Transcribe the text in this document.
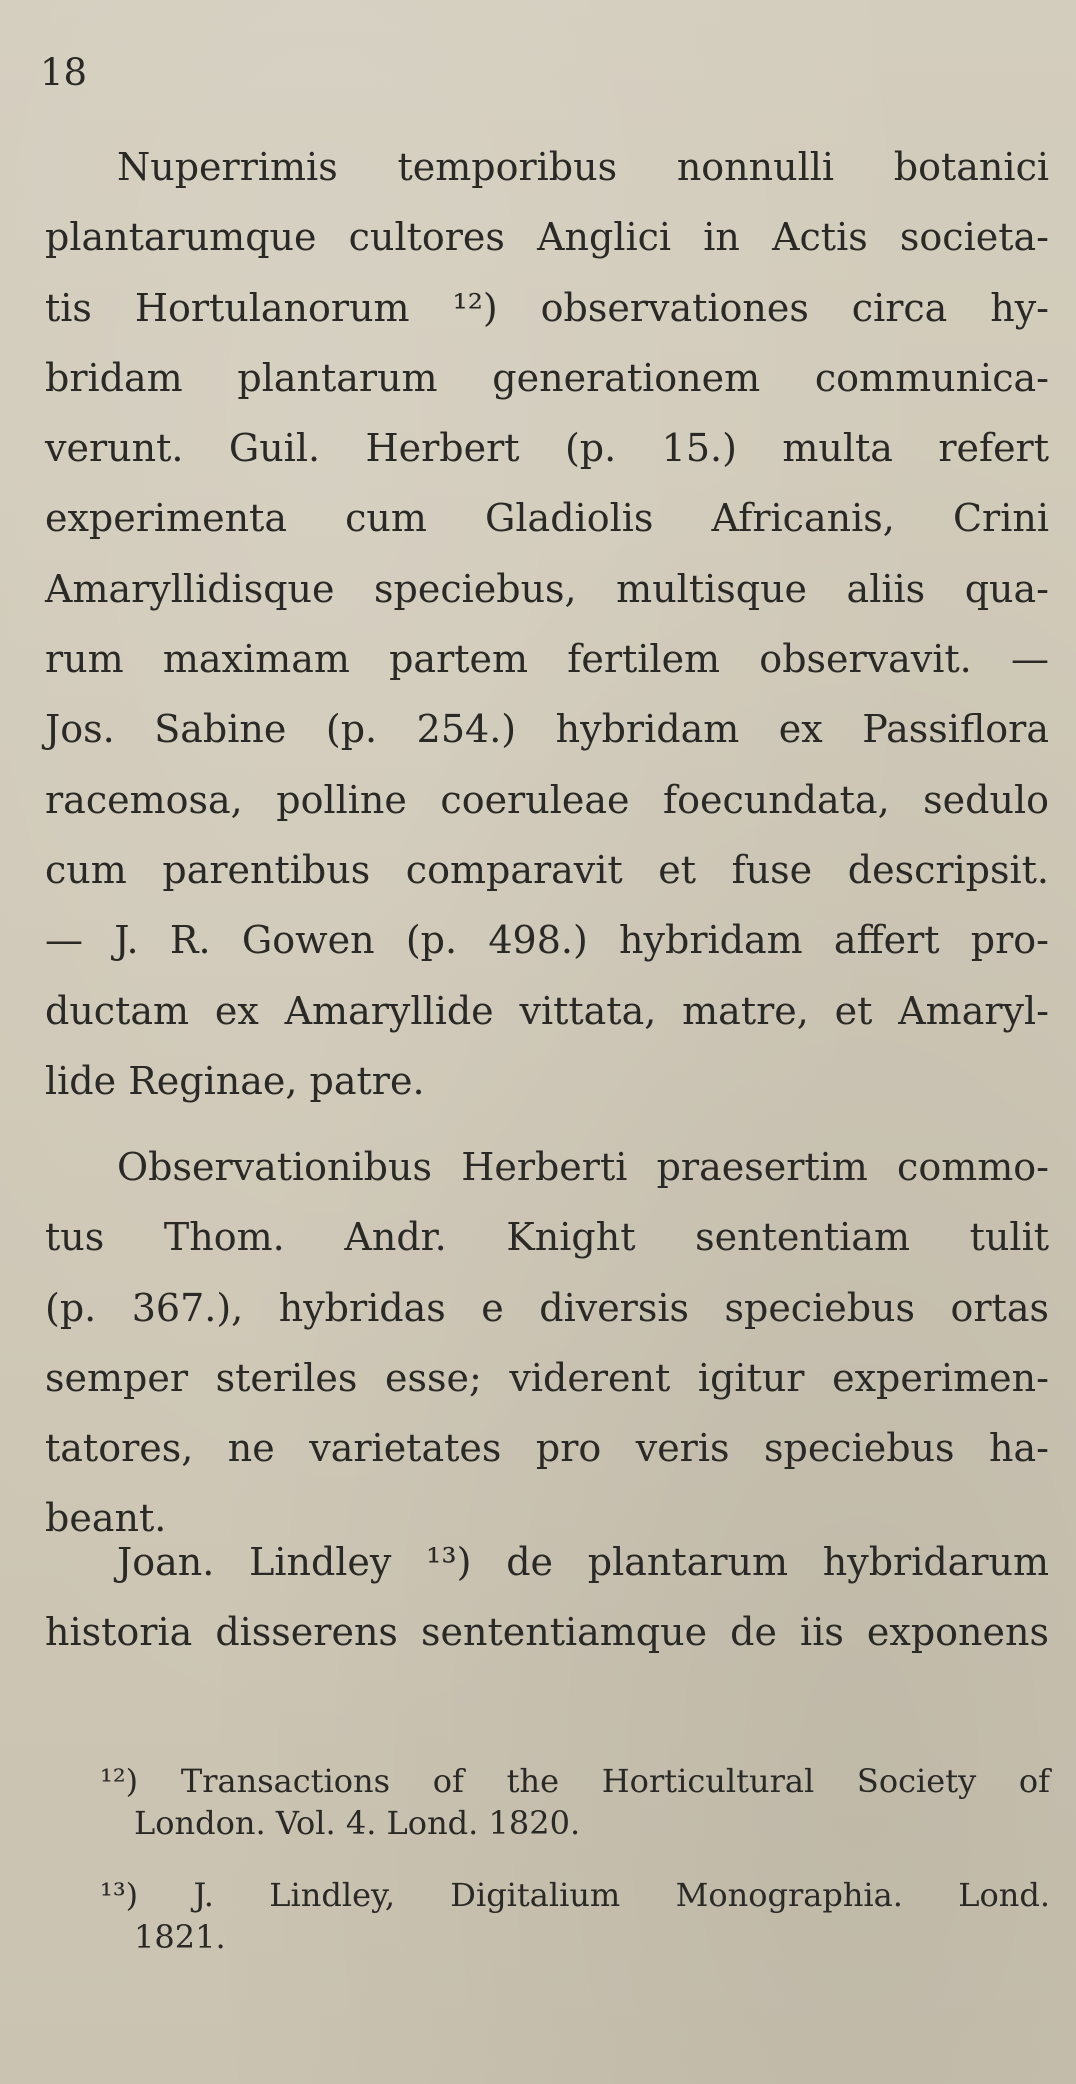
18
Nuperrimis temporibus nonnulli botanici
plantarumque cultores Anglici in Actis societa-
tis Hortulanorum ¹²) observationes circa hy-
bridam plantarum generationem communica-
verunt. Guil. Herbert (p. 15.) multa refert
experimenta cum Gladiolis Africanis, Crini
Amaryllidisque speciebus, multisque aliis qua-
rum maximam partem fertilem observavit. —
Jos. Sabine (p. 254.) hybridam ex Passiflora
racemosa, polline coeruleae foecundata, sedulo
cum parentibus comparavit et fuse descripsit.
— J. R. Gowen (p. 498.) hybridam affert pro-
ductam ex Amaryllide vittata, matre, et Amaryl-
lide Reginae, patre.
Observationibus Herberti praesertim commo-
tus Thom. Andr. Knight sententiam tulit
(p. 367.), hybridas e diversis speciebus ortas
semper steriles esse; viderent igitur experimen-
tatores, ne varietates pro veris speciebus ha-
beant.
Joan. Lindley ¹³) de plantarum hybridarum
historia disserens sententiamque de iis exponens
¹²) Transactions of the Horticultural Society of
London. Vol. 4. Lond. 1820.
¹³) J. Lindley, Digitalium Monographia. Lond.
1821.
